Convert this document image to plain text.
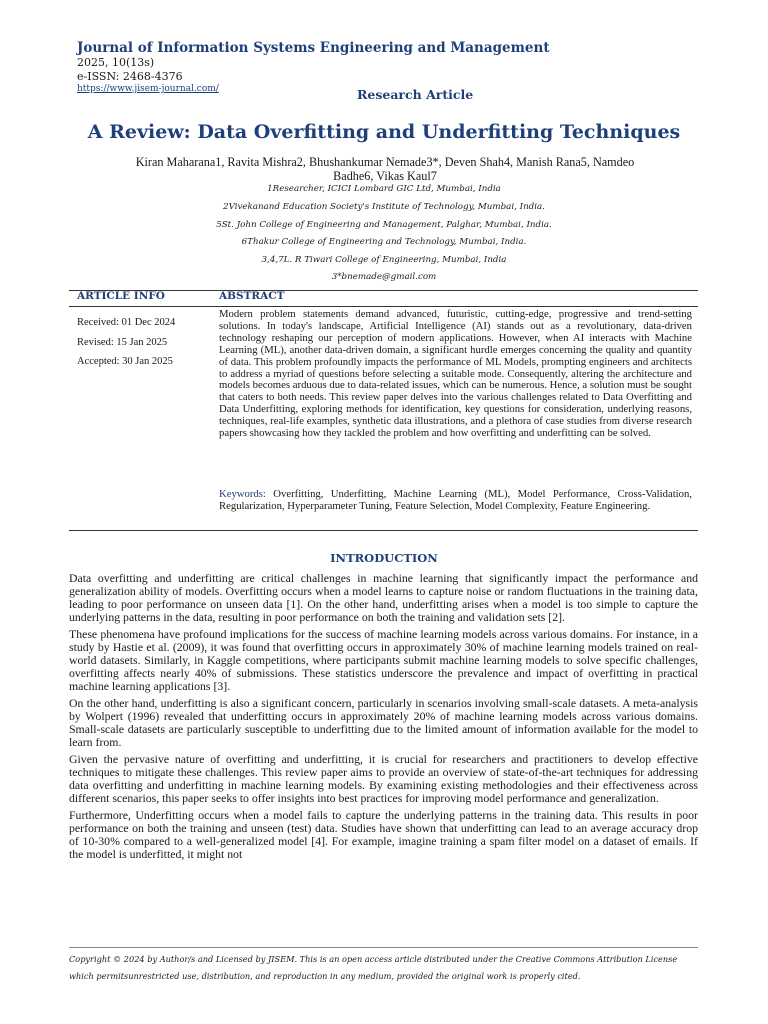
Journal of Information Systems Engineering and Management
2025, 10(13s)
e-ISSN: 2468-4376
https://www.jisem-journal.com/	Research Article
A Review: Data Overfitting and Underfitting Techniques
Kiran Maharana1, Ravita Mishra2, Bhushankumar Nemade3*, Deven Shah4, Manish Rana5, Namdeo
Badhe6, Vikas Kaul7
1Researcher, ICICI Lombard GIC Ltd, Mumbai, India
2Vivekanand Education Society's Institute of Technology, Mumbai, India.
5St. John College of Engineering and Management, Palghar, Mumbai, India.
6Thakur College of Engineering and Technology, Mumbai, India.
3,4,7L. R Tiwari College of Engineering, Mumbai, India
3*bnemade@gmail.com
ARTICLE INFO	ABSTRACT
Received: 01 Dec 2024
Revised: 15 Jan 2025
Accepted: 30 Jan 2025
Modern problem statements demand advanced, futuristic, cutting-edge, progressive and trend-setting solutions. In today's landscape, Artificial Intelligence (AI) stands out as a revolutionary, data-driven technology reshaping our perception of modern applications. However, when AI interacts with Machine Learning (ML), another data-driven domain, a significant hurdle emerges concerning the quality and quantity of data. This problem profoundly impacts the performance of ML Models, prompting engineers and architects to address a myriad of questions before selecting a suitable mode. Consequently, altering the architecture and models becomes arduous due to data-related issues, which can be numerous. Hence, a solution must be sought that caters to both needs. This review paper delves into the various challenges related to Data Overfitting and Data Underfitting, exploring methods for identification, key questions for consideration, underlying reasons, techniques, real-life examples, synthetic data illustrations, and a plethora of case studies from diverse research papers showcasing how they tackled the problem and how overfitting and underfitting can be solved.
Keywords: Overfitting, Underfitting, Machine Learning (ML), Model Performance, Cross-Validation, Regularization, Hyperparameter Tuning, Feature Selection, Model Complexity, Feature Engineering.
INTRODUCTION

Data overfitting and underfitting are critical challenges in machine learning that significantly impact the performance and generalization ability of models. Overfitting occurs when a model learns to capture noise or random fluctuations in the training data, leading to poor performance on unseen data [1]. On the other hand, underfitting arises when a model is too simple to capture the underlying patterns in the data, resulting in poor performance on both the training and validation sets [2].

These phenomena have profound implications for the success of machine learning models across various domains. For instance, in a study by Hastie et al. (2009), it was found that overfitting occurs in approximately 30% of machine learning models trained on real-world datasets. Similarly, in Kaggle competitions, where participants submit machine learning models to solve specific challenges, overfitting affects nearly 40% of submissions. These statistics underscore the prevalence and impact of overfitting in practical machine learning applications [3].

On the other hand, underfitting is also a significant concern, particularly in scenarios involving small-scale datasets. A meta-analysis by Wolpert (1996) revealed that underfitting occurs in approximately 20% of machine learning models across various domains. Small-scale datasets are particularly susceptible to underfitting due to the limited amount of information available for the model to learn from.

Given the pervasive nature of overfitting and underfitting, it is crucial for researchers and practitioners to develop effective techniques to mitigate these challenges. This review paper aims to provide an overview of state-of-the-art techniques for addressing data overfitting and underfitting in machine learning models. By examining existing methodologies and their effectiveness across different scenarios, this paper seeks to offer insights into best practices for improving model performance and generalization.

Furthermore, Underfitting occurs when a model fails to capture the underlying patterns in the training data. This results in poor performance on both the training and unseen (test) data. Studies have shown that underfitting can lead to an average accuracy drop of 10-30% compared to a well-generalized model [4]. For example, imagine training a spam filter model on a dataset of emails. If the model is underfitted, it might not

Copyright © 2024 by Author/s and Licensed by JISEM. This is an open access article distributed under the Creative Commons Attribution License
which permitsunrestricted use, distribution, and reproduction in any medium, provided the original work is properly cited.
